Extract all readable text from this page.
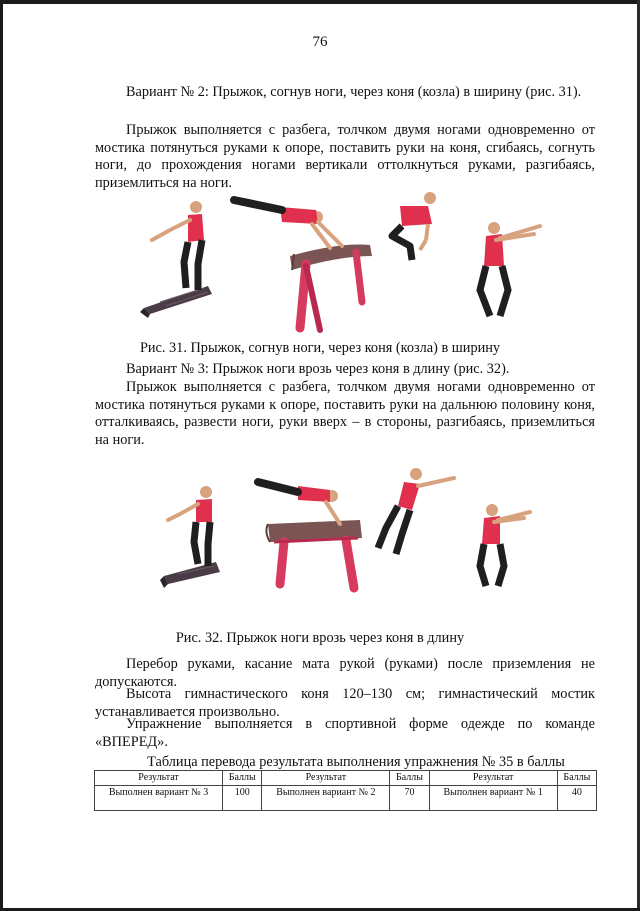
76
Вариант № 2: Прыжок, согнув ноги, через коня (козла) в ширину (рис. 31).
Прыжок выполняется с разбега, толчком двумя ногами одновременно от мостика потянуться руками к опоре, поставить руки на коня, сгибаясь, согнуть ноги, до прохождения ногами вертикали оттолкнуться руками, разгибаясь, приземлиться на ноги.
Рис. 31. Прыжок, согнув ноги, через коня (козла) в ширину
Вариант № 3: Прыжок ноги врозь через коня в длину (рис. 32).
Прыжок выполняется с разбега, толчком двумя ногами одновременно от мостика потянуться руками к опоре, поставить руки на дальнюю половину коня, отталкиваясь, развести ноги, руки вверх – в стороны, разгибаясь, приземлиться на ноги.
Рис. 32. Прыжок ноги врозь через коня в длину
Перебор руками, касание мата рукой (руками) после приземления не допускаются.
Высота гимнастического коня 120–130 см; гимнастический мостик устанавливается произвольно.
Упражнение выполняется в спортивной форме одежде по команде «ВПЕРЕД».
Таблица перевода результата выполнения упражнения № 35 в баллы
Результат	Баллы	Результат	Баллы	Результат	Баллы
Выполнен вариант № 3	100	Выполнен вариант № 2	70	Выполнен вариант № 1	40
